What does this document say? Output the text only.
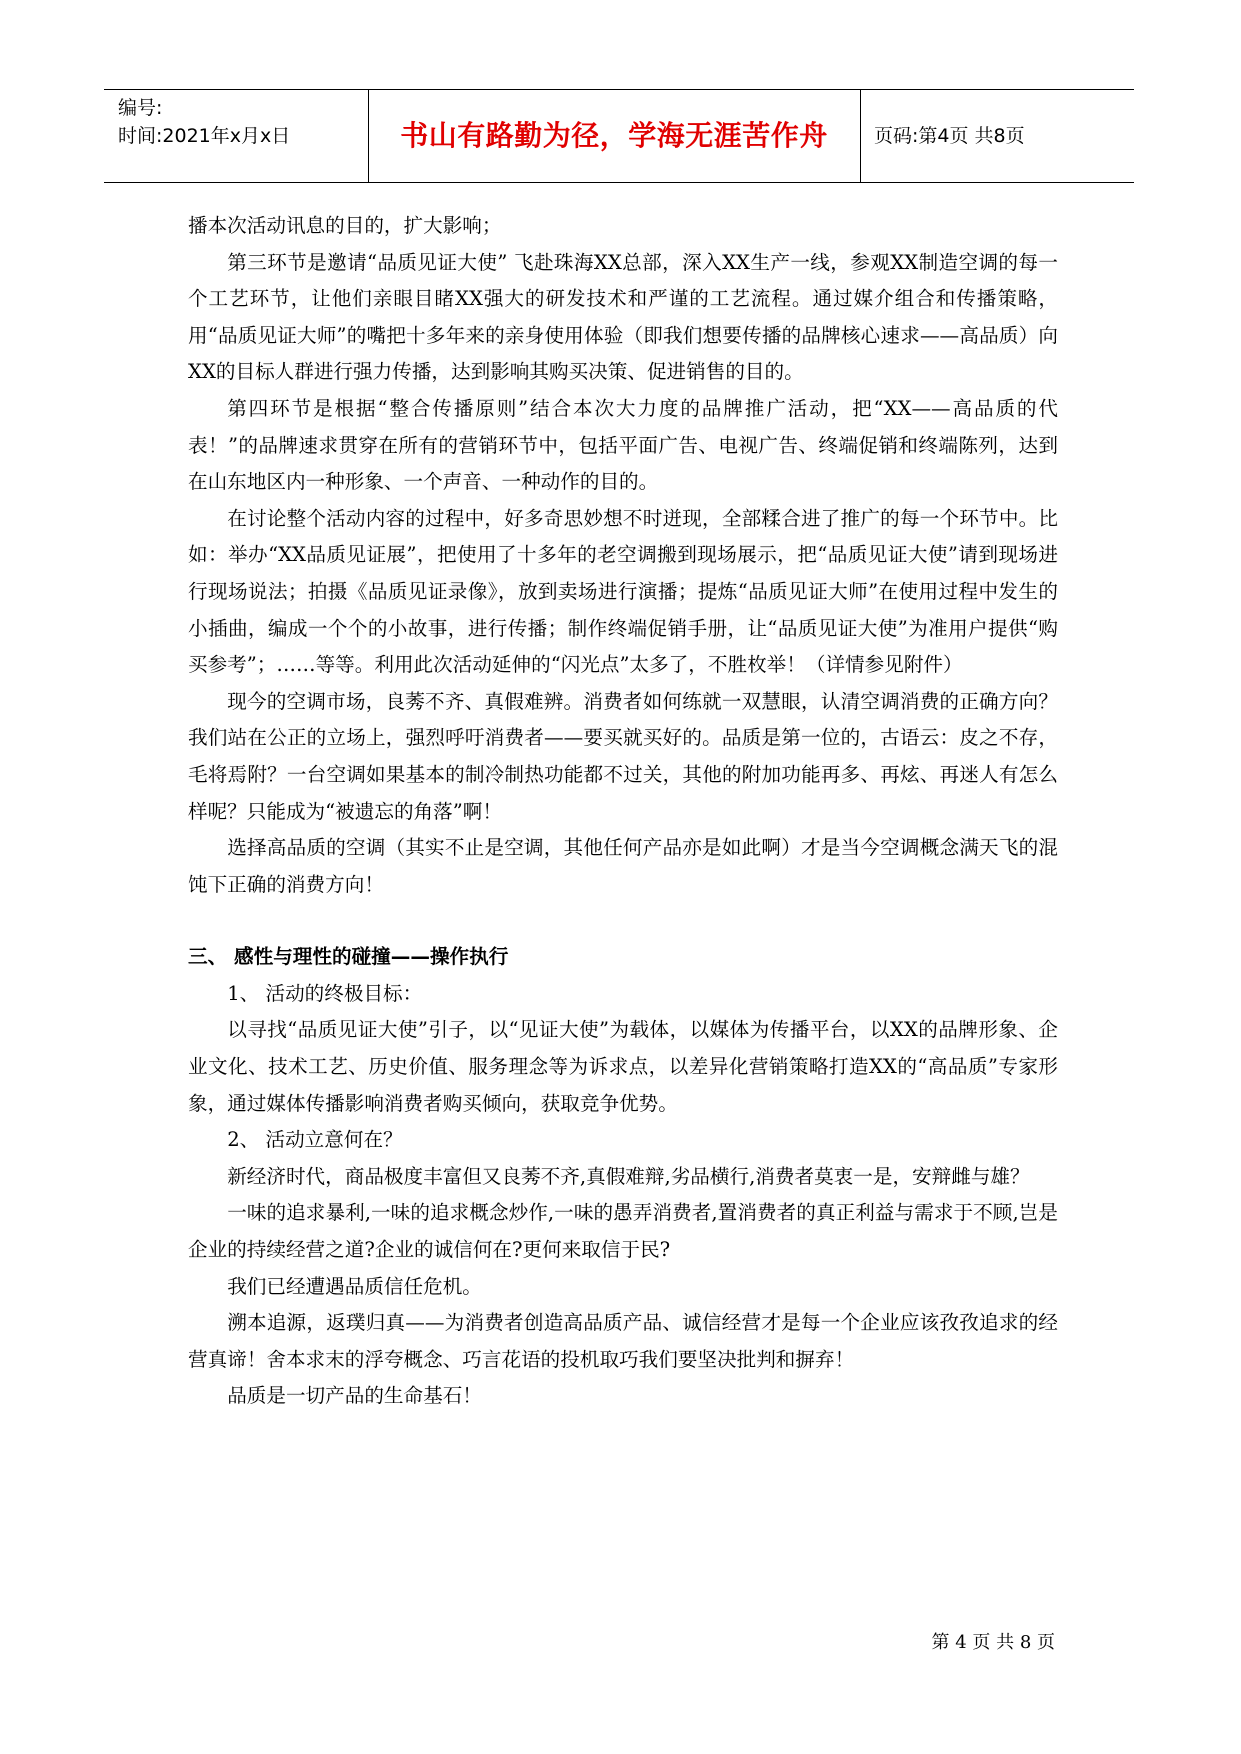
编号:
时间:2021年x月x日	书山有路勤为径，学海无涯苦作舟	页码:第4页 共8页

播本次活动讯息的目的，扩大影响；

第三环节是邀请“品质见证大使” 飞赴珠海XX总部，深入XX生产一线，参观XX制造空调的每一个工艺环节，让他们亲眼目睹XX强大的研发技术和严谨的工艺流程。通过媒介组合和传播策略，用“品质见证大师”的嘴把十多年来的亲身使用体验（即我们想要传播的品牌核心速求——高品质）向XX的目标人群进行强力传播，达到影响其购买决策、促进销售的目的。

第四环节是根据“整合传播原则”结合本次大力度的品牌推广活动，把“XX——高品质的代表！”的品牌速求贯穿在所有的营销环节中，包括平面广告、电视广告、终端促销和终端陈列，达到在山东地区内一种形象、一个声音、一种动作的目的。

在讨论整个活动内容的过程中，好多奇思妙想不时迸现，全部糅合进了推广的每一个环节中。比如：举办“XX品质见证展”，把使用了十多年的老空调搬到现场展示，把“品质见证大使”请到现场进行现场说法；拍摄《品质见证录像》，放到卖场进行演播；提炼“品质见证大师”在使用过程中发生的小插曲，编成一个个的小故事，进行传播；制作终端促销手册，让“品质见证大使”为准用户提供“购买参考”；……等等。利用此次活动延伸的“闪光点”太多了，不胜枚举！（详情参见附件）

现今的空调市场，良莠不齐、真假难辨。消费者如何练就一双慧眼，认清空调消费的正确方向？我们站在公正的立场上，强烈呼吁消费者——要买就买好的。品质是第一位的，古语云：皮之不存，毛将焉附？一台空调如果基本的制冷制热功能都不过关，其他的附加功能再多、再炫、再迷人有怎么样呢？只能成为“被遗忘的角落”啊！

选择高品质的空调（其实不止是空调，其他任何产品亦是如此啊）才是当今空调概念满天飞的混饨下正确的消费方向！

三、 感性与理性的碰撞——操作执行

1、 活动的终极目标：

以寻找“品质见证大使”引子，以“见证大使”为载体，以媒体为传播平台，以XX的品牌形象、企业文化、技术工艺、历史价值、服务理念等为诉求点，以差异化营销策略打造XX的“高品质”专家形象，通过媒体传播影响消费者购买倾向，获取竞争优势。

2、 活动立意何在？

新经济时代，商品极度丰富但又良莠不齐,真假难辩,劣品横行,消费者莫衷一是，安辩雌与雄？

一味的追求暴利,一味的追求概念炒作,一味的愚弄消费者,置消费者的真正利益与需求于不顾,岂是企业的持续经营之道?企业的诚信何在?更何来取信于民?

我们已经遭遇品质信任危机。

溯本追源，返璞归真——为消费者创造高品质产品、诚信经营才是每一个企业应该孜孜追求的经营真谛！舍本求末的浮夸概念、巧言花语的投机取巧我们要坚决批判和摒弃！

品质是一切产品的生命基石！

第 4 页 共 8 页
